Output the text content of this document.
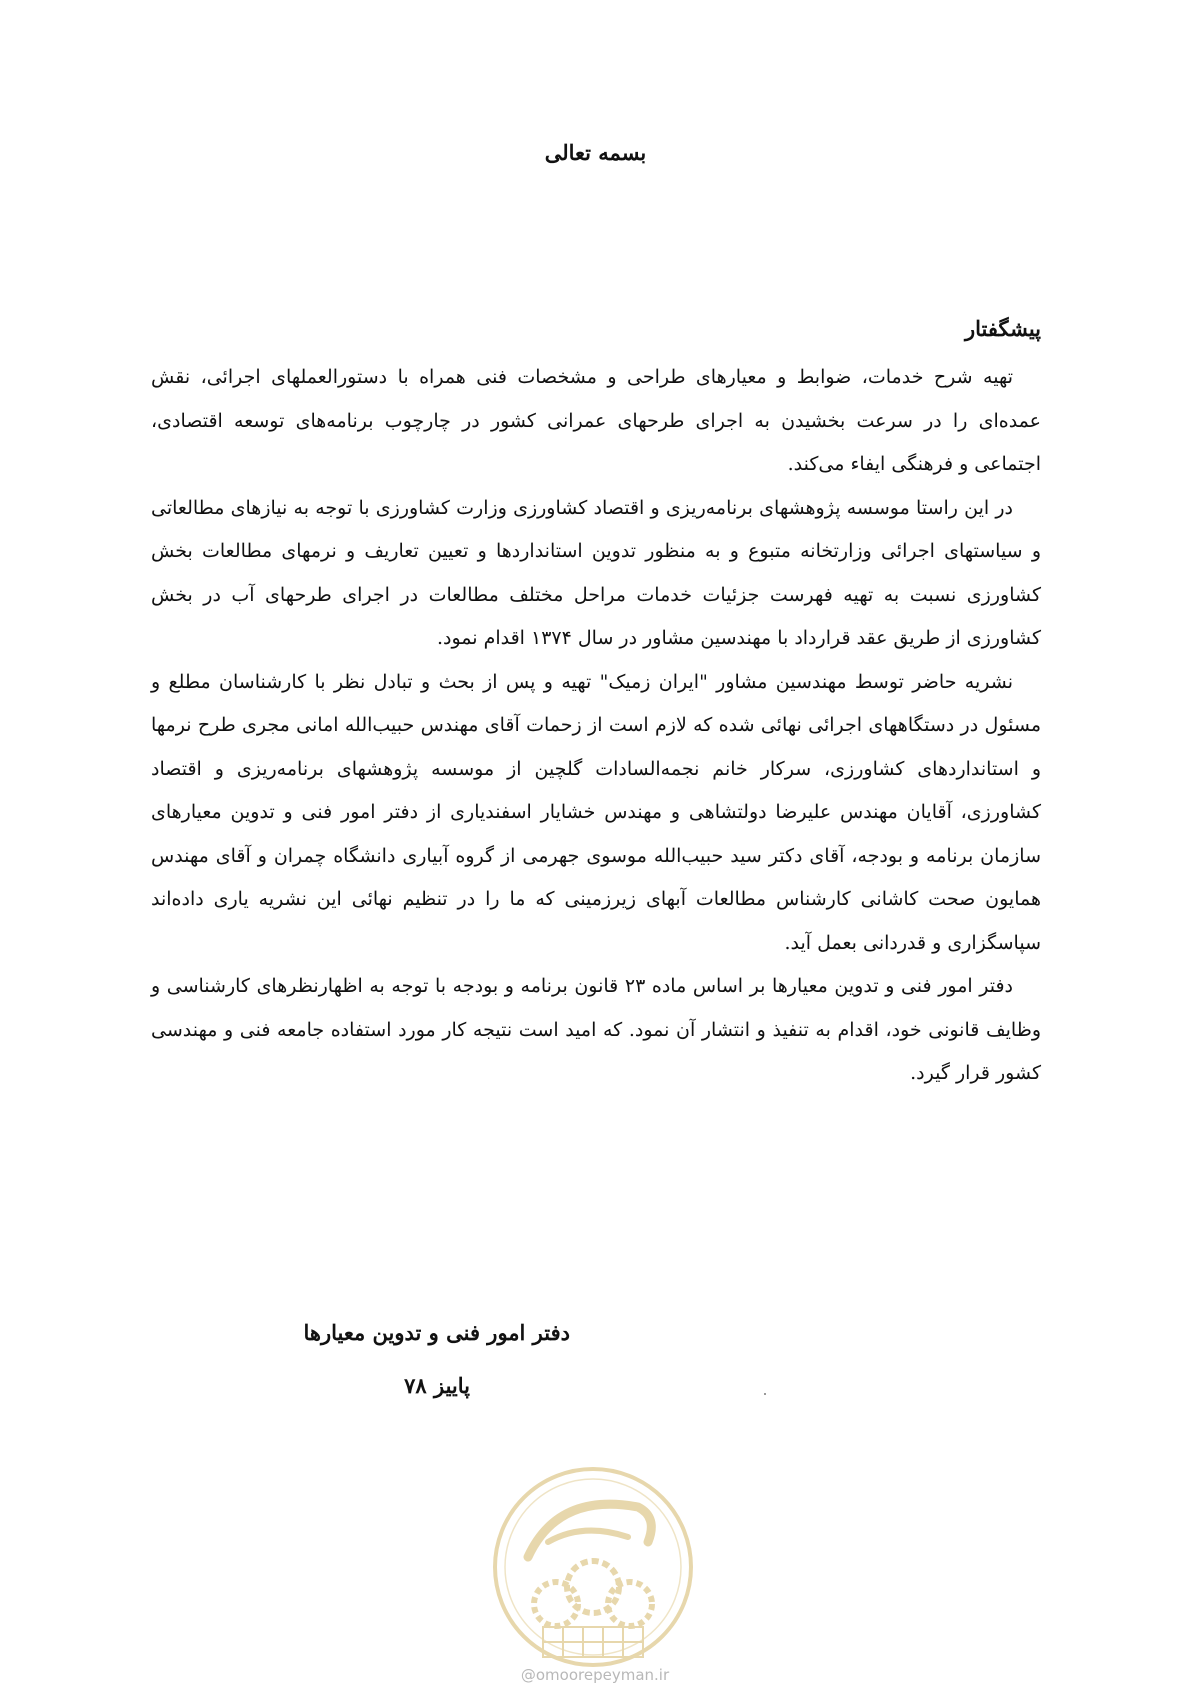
بسمه تعالی
پیشگفتار

تهیه شرح خدمات، ضوابط و معیارهای طراحی و مشخصات فنی همراه با دستورالعملهای اجرائی، نقش عمده‌ای را در سرعت بخشیدن به اجرای طرحهای عمرانی کشور در چارچوب برنامه‌های توسعه اقتصادی، اجتماعی و فرهنگی ایفاء می‌کند.

در این راستا موسسه پژوهشهای برنامه‌ریزی و اقتصاد کشاورزی وزارت کشاورزی با توجه به نیازهای مطالعاتی و سیاستهای اجرائی وزارتخانه متبوع و به منظور تدوین استانداردها و تعیین تعاریف و نرمهای مطالعات بخش کشاورزی نسبت به تهیه فهرست جزئیات خدمات مراحل مختلف مطالعات در اجرای طرحهای آب در بخش کشاورزی از طریق عقد قرارداد با مهندسین مشاور در سال ۱۳۷۴ اقدام نمود.

نشریه حاضر توسط مهندسین مشاور "ایران زمیک" تهیه و پس از بحث و تبادل نظر با کارشناسان مطلع و مسئول در دستگاههای اجرائی نهائی شده که لازم است از زحمات آقای مهندس حبیب‌الله امانی مجری طرح نرمها و استانداردهای کشاورزی، سرکار خانم نجمه‌السادات گلچین از موسسه پژوهشهای برنامه‌ریزی و اقتصاد کشاورزی، آقایان مهندس علیرضا دولتشاهی و مهندس خشایار اسفندیاری از دفتر امور فنی و تدوین معیارهای سازمان برنامه و بودجه، آقای دکتر سید حبیب‌الله موسوی جهرمی از گروه آبیاری دانشگاه چمران و آقای مهندس همایون صحت کاشانی کارشناس مطالعات آبهای زیرزمینی که ما را در تنظیم نهائی این نشریه یاری داده‌اند سپاسگزاری و قدردانی بعمل آید.

دفتر امور فنی و تدوین معیارها بر اساس ماده ۲۳ قانون برنامه و بودجه با توجه به اظهارنظرهای کارشناسی و وظایف قانونی خود، اقدام به تنفیذ و انتشار آن نمود. که امید است نتیجه کار مورد استفاده جامعه فنی و مهندسی کشور قرار گیرد.

دفتر امور فنی و تدوین معیارها
پاییز ۷۸
@omoorepeyman.ir
